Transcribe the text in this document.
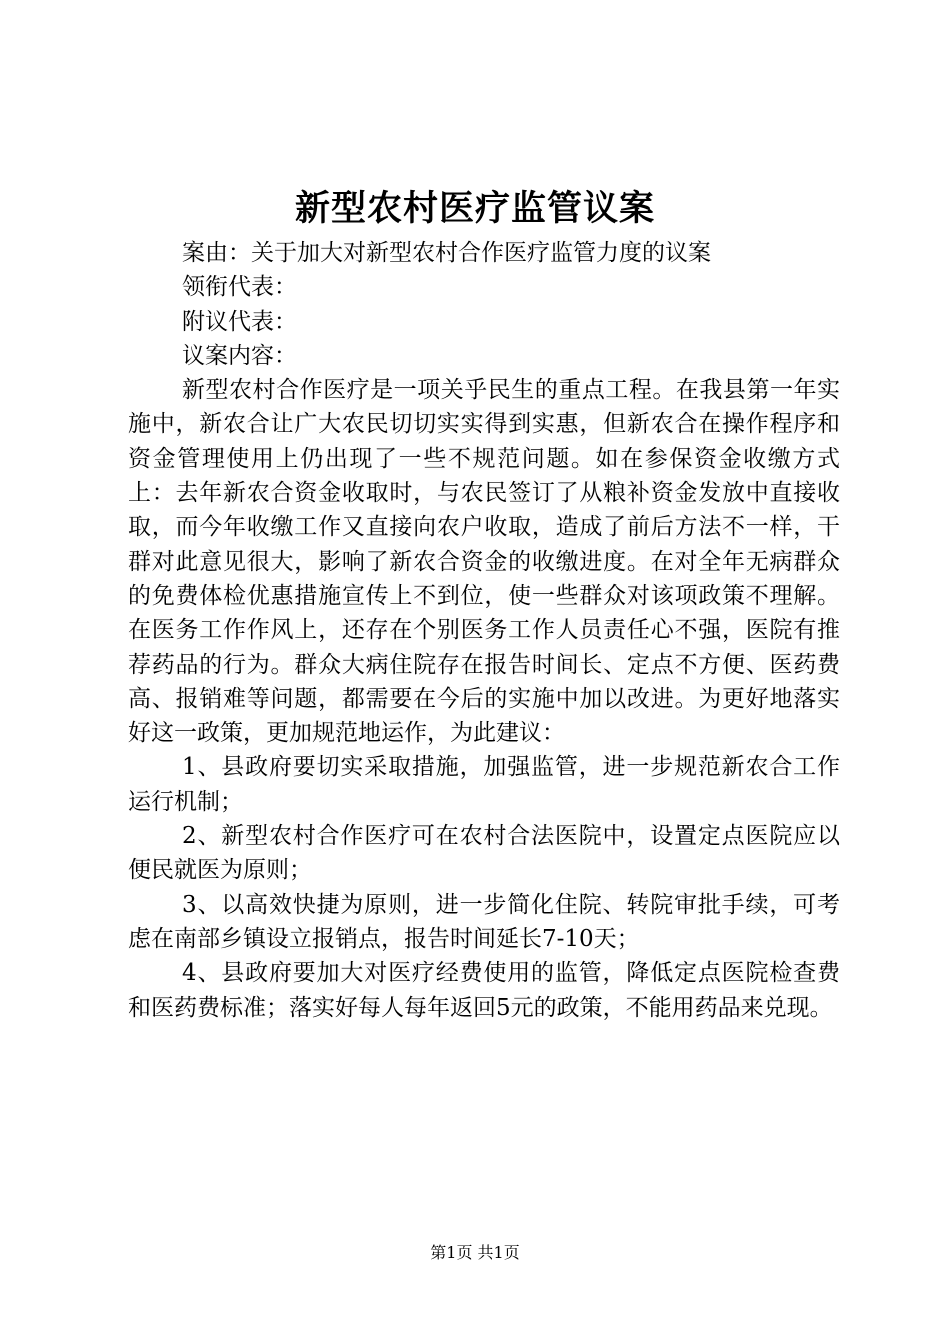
新型农村医疗监管议案

案由：关于加大对新型农村合作医疗监管力度的议案

领衔代表：

附议代表：

议案内容：

新型农村合作医疗是一项关乎民生的重点工程。在我县第一年实施中，新农合让广大农民切切实实得到实惠，但新农合在操作程序和资金管理使用上仍出现了一些不规范问题。如在参保资金收缴方式上：去年新农合资金收取时，与农民签订了从粮补资金发放中直接收取，而今年收缴工作又直接向农户收取，造成了前后方法不一样，干群对此意见很大，影响了新农合资金的收缴进度。在对全年无病群众的免费体检优惠措施宣传上不到位，使一些群众对该项政策不理解。在医务工作作风上，还存在个别医务工作人员责任心不强，医院有推荐药品的行为。群众大病住院存在报告时间长、定点不方便、医药费高、报销难等问题，都需要在今后的实施中加以改进。为更好地落实好这一政策，更加规范地运作，为此建议：

1、县政府要切实采取措施，加强监管，进一步规范新农合工作运行机制；

2、新型农村合作医疗可在农村合法医院中，设置定点医院应以便民就医为原则；

3、以高效快捷为原则，进一步简化住院、转院审批手续，可考虑在南部乡镇设立报销点，报告时间延长7-10天；

4、县政府要加大对医疗经费使用的监管，降低定点医院检查费和医药费标准；落实好每人每年返回5元的政策，不能用药品来兑现。

第1页 共1页
